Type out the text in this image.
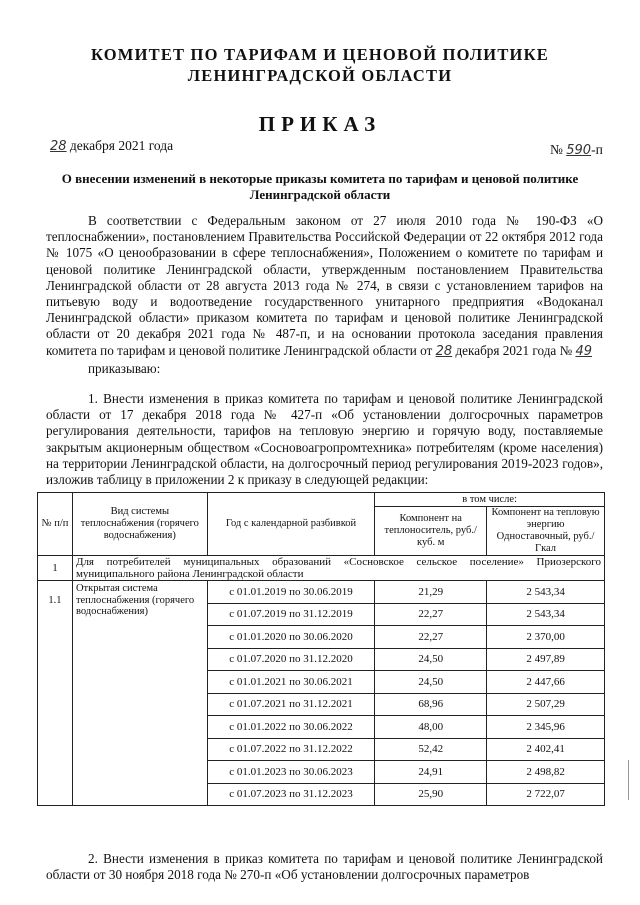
КОМИТЕТ ПО ТАРИФАМ И ЦЕНОВОЙ ПОЛИТИКЕ
ЛЕНИНГРАДСКОЙ ОБЛАСТИ
ПРИКАЗ
28 декабря 2021 года	№ 590-п
О внесении изменений в некоторые приказы комитета по тарифам и ценовой политике Ленинградской области
В соответствии с Федеральным законом от 27 июля 2010 года № 190-ФЗ «О теплоснабжении», постановлением Правительства Российской Федерации от 22 октября 2012 года № 1075 «О ценообразовании в сфере теплоснабжения», Положением о комитете по тарифам и ценовой политике Ленинградской области, утвержденным постановлением Правительства Ленинградской области от 28 августа 2013 года № 274, в связи с установлением тарифов на питьевую воду и водоотведение государственного унитарного предприятия «Водоканал Ленинградской области» приказом комитета по тарифам и ценовой политике Ленинградской области от 20 декабря 2021 года № 487-п, и на основании протокола заседания правления комитета по тарифам и ценовой политике Ленинградской области от 28 декабря 2021 года № 49
приказываю:
1. Внести изменения в приказ комитета по тарифам и ценовой политике Ленинградской области от 17 декабря 2018 года № 427-п «Об установлении долгосрочных параметров регулирования деятельности, тарифов на тепловую энергию и горячую воду, поставляемые закрытым акционерным обществом «Сосновоагропромтехника» потребителям (кроме населения) на территории Ленинградской области, на долгосрочный период регулирования 2019-2023 годов», изложив таблицу в приложении 2 к приказу в следующей редакции:
№ п/п	Вид системы теплоснабжения (горячего водоснабжения)	Год с календарной разбивкой	в том числе:	
			Компонент на теплоноситель, руб./куб. м	Компонент на тепловую энергию Одноставочный, руб./Гкал
1	Для потребителей муниципальных образований «Сосновское сельское поселение» Приозерского муниципального района Ленинградской области			
1.1	Открытая система теплоснабжения (горячего водоснабжения)	с 01.01.2019 по 30.06.2019	21,29	2 543,34
		с 01.07.2019 по 31.12.2019	22,27	2 543,34
		с 01.01.2020 по 30.06.2020	22,27	2 370,00
		с 01.07.2020 по 31.12.2020	24,50	2 497,89
		с 01.01.2021 по 30.06.2021	24,50	2 447,66
		с 01.07.2021 по 31.12.2021	68,96	2 507,29
		с 01.01.2022 по 30.06.2022	48,00	2 345,96
		с 01.07.2022 по 31.12.2022	52,42	2 402,41
		с 01.01.2023 по 30.06.2023	24,91	2 498,82
		с 01.07.2023 по 31.12.2023	25,90	2 722,07
2. Внести изменения в приказ комитета по тарифам и ценовой политике Ленинградской области от 30 ноября 2018 года № 270-п «Об установлении долгосрочных параметров
